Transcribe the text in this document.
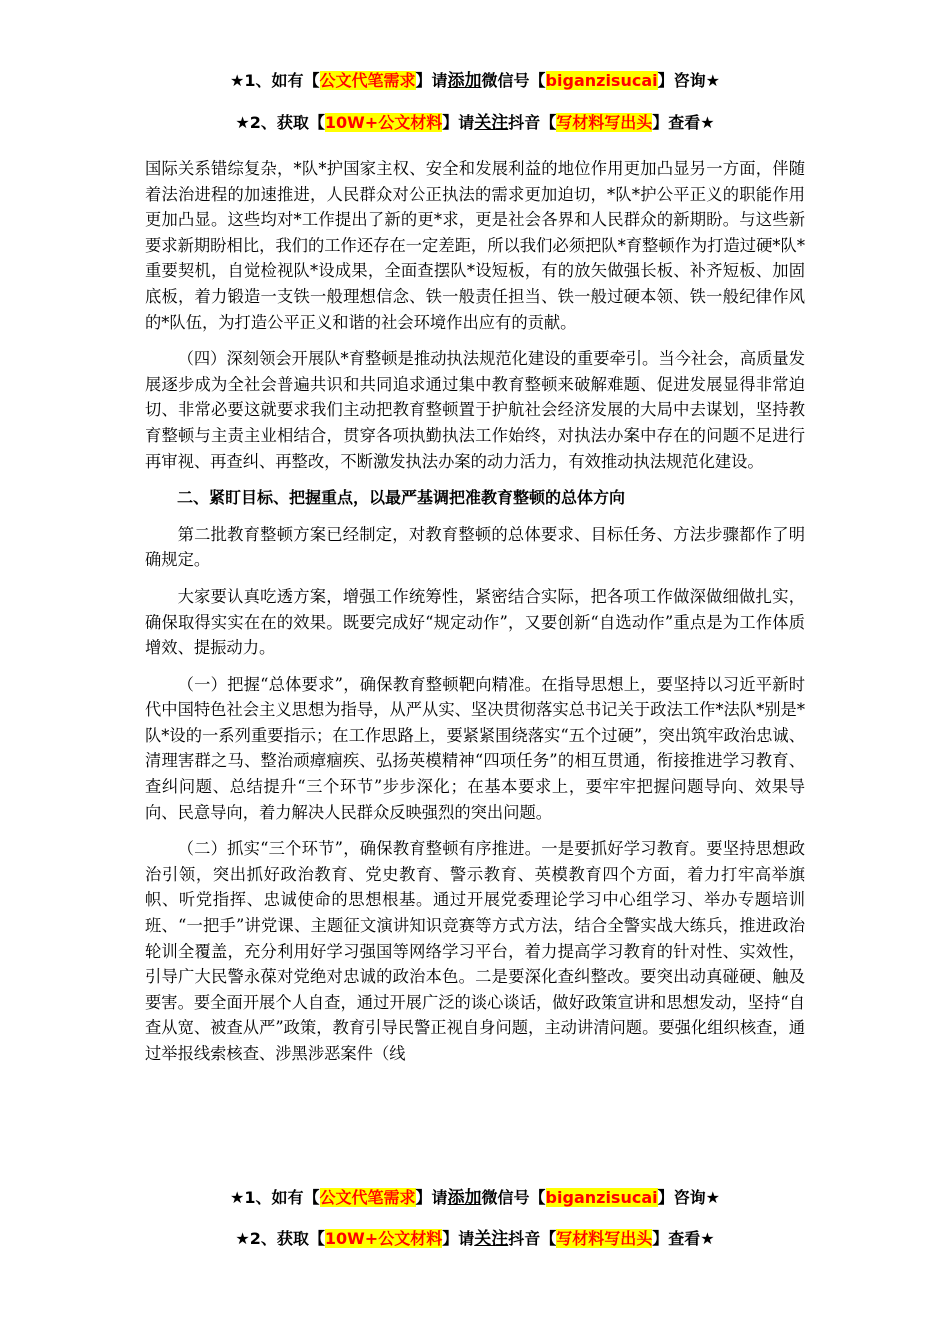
★1、如有【公文代笔需求】请添加微信号【biganzisucai】咨询★
★2、获取【10W+公文材料】请关注抖音【写材料写出头】查看★

国际关系错综复杂，*队*护国家主权、安全和发展利益的地位作用更加凸显另一方面，伴随着法治进程的加速推进，人民群众对公正执法的需求更加迫切，*队*护公平正义的职能作用更加凸显。这些均对*工作提出了新的更*求，更是社会各界和人民群众的新期盼。与这些新要求新期盼相比，我们的工作还存在一定差距，所以我们必须把队*育整顿作为打造过硬*队*重要契机，自觉检视队*设成果，全面查摆队*设短板，有的放矢做强长板、补齐短板、加固底板，着力锻造一支铁一般理想信念、铁一般责任担当、铁一般过硬本领、铁一般纪律作风的*队伍，为打造公平正义和谐的社会环境作出应有的贡献。

（四）深刻领会开展队*育整顿是推动执法规范化建设的重要牵引。当今社会，高质量发展逐步成为全社会普遍共识和共同追求通过集中教育整顿来破解难题、促进发展显得非常迫切、非常必要这就要求我们主动把教育整顿置于护航社会经济发展的大局中去谋划，坚持教育整顿与主责主业相结合，贯穿各项执勤执法工作始终，对执法办案中存在的问题不足进行再审视、再查纠、再整改，不断激发执法办案的动力活力，有效推动执法规范化建设。

二、紧盯目标、把握重点，以最严基调把准教育整顿的总体方向

第二批教育整顿方案已经制定，对教育整顿的总体要求、目标任务、方法步骤都作了明确规定。

大家要认真吃透方案，增强工作统筹性，紧密结合实际，把各项工作做深做细做扎实，确保取得实实在在的效果。既要完成好“规定动作”，又要创新“自选动作”重点是为工作体质增效、提振动力。

（一）把握“总体要求”，确保教育整顿靶向精准。在指导思想上，要坚持以习近平新时代中国特色社会主义思想为指导，从严从实、坚决贯彻落实总书记关于政法工作*法队*别是*队*设的一系列重要指示；在工作思路上，要紧紧围绕落实“五个过硬”，突出筑牢政治忠诚、清理害群之马、整治顽瘴痼疾、弘扬英模精神“四项任务”的相互贯通，衔接推进学习教育、查纠问题、总结提升“三个环节”步步深化；在基本要求上，要牢牢把握问题导向、效果导向、民意导向，着力解决人民群众反映强烈的突出问题。

（二）抓实“三个环节”，确保教育整顿有序推进。一是要抓好学习教育。要坚持思想政治引领，突出抓好政治教育、党史教育、警示教育、英模教育四个方面，着力打牢高举旗帜、听党指挥、忠诚使命的思想根基。通过开展党委理论学习中心组学习、举办专题培训班、“一把手”讲党课、主题征文演讲知识竞赛等方式方法，结合全警实战大练兵，推进政治轮训全覆盖，充分利用好学习强国等网络学习平台，着力提高学习教育的针对性、实效性，引导广大民警永葆对党绝对忠诚的政治本色。二是要深化查纠整改。要突出动真碰硬、触及要害。要全面开展个人自查，通过开展广泛的谈心谈话，做好政策宣讲和思想发动，坚持“自查从宽、被查从严”政策，教育引导民警正视自身问题，主动讲清问题。要强化组织核查，通过举报线索核查、涉黑涉恶案件（线

★1、如有【公文代笔需求】请添加微信号【biganzisucai】咨询★
★2、获取【10W+公文材料】请关注抖音【写材料写出头】查看★
